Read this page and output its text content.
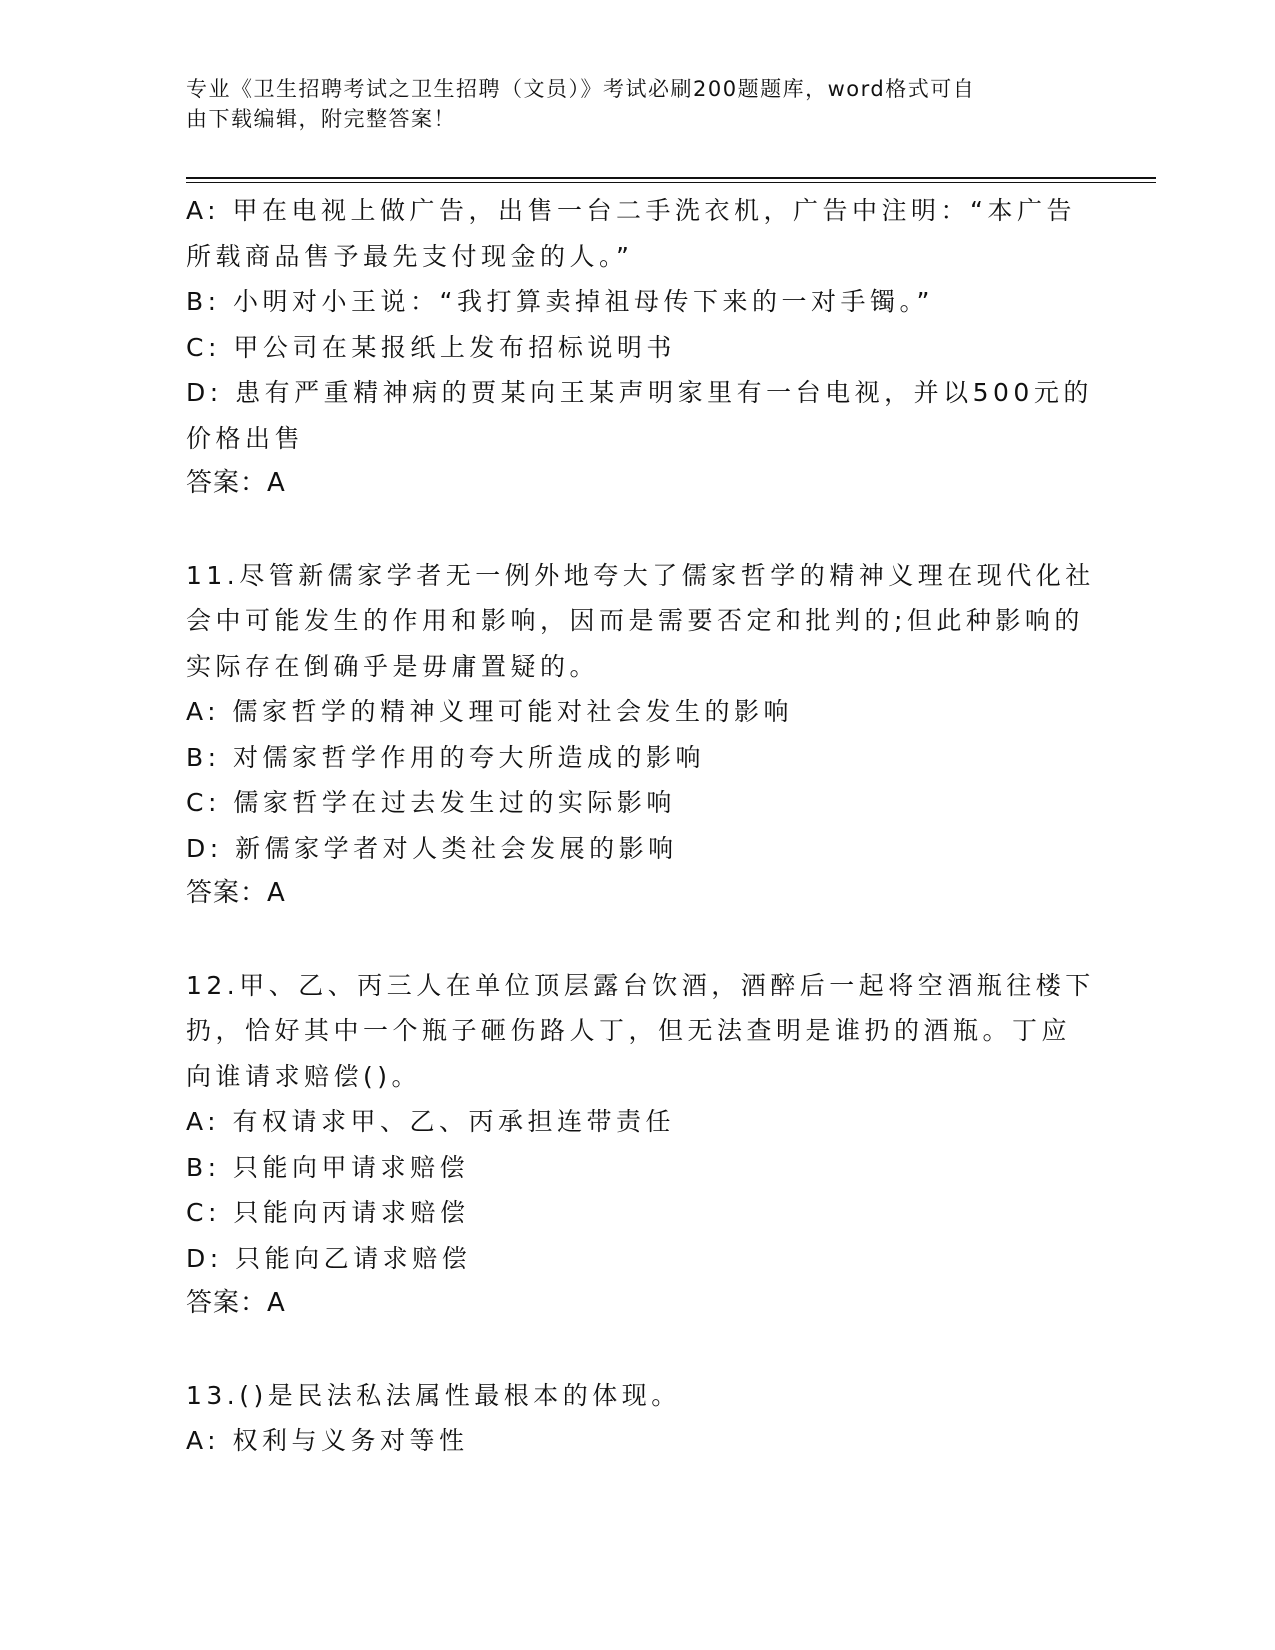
专业《卫生招聘考试之卫生招聘（文员）》考试必刷200题题库，word格式可自
由下载编辑，附完整答案！
A: 甲在电视上做广告，出售一台二手洗衣机，广告中注明：“本广告
所载商品售予最先支付现金的人。”
B: 小明对小王说：“我打算卖掉祖母传下来的一对手镯。”
C: 甲公司在某报纸上发布招标说明书
D: 患有严重精神病的贾某向王某声明家里有一台电视，并以500元的
价格出售
答案：A
11.尽管新儒家学者无一例外地夸大了儒家哲学的精神义理在现代化社
会中可能发生的作用和影响，因而是需要否定和批判的;但此种影响的
实际存在倒确乎是毋庸置疑的。
A: 儒家哲学的精神义理可能对社会发生的影响
B: 对儒家哲学作用的夸大所造成的影响
C: 儒家哲学在过去发生过的实际影响
D: 新儒家学者对人类社会发展的影响
答案：A
12.甲、乙、丙三人在单位顶层露台饮酒，酒醉后一起将空酒瓶往楼下
扔，恰好其中一个瓶子砸伤路人丁，但无法查明是谁扔的酒瓶。丁应
向谁请求赔偿()。
A: 有权请求甲、乙、丙承担连带责任
B: 只能向甲请求赔偿
C: 只能向丙请求赔偿
D: 只能向乙请求赔偿
答案：A
13.()是民法私法属性最根本的体现。
A: 权利与义务对等性
